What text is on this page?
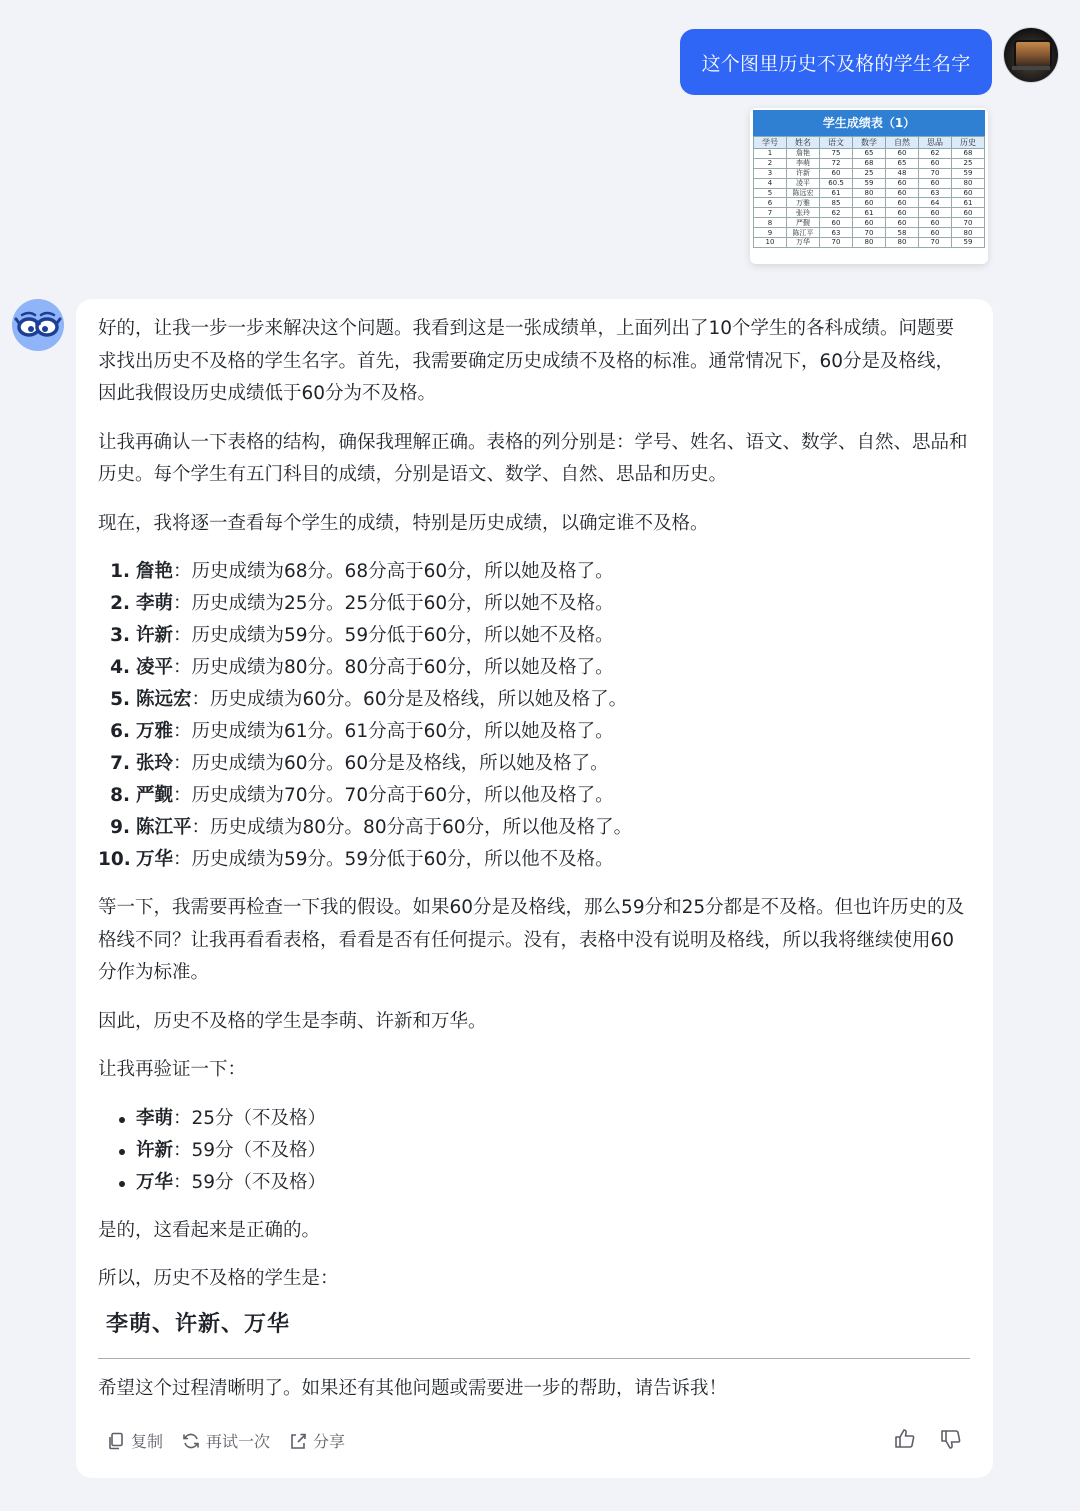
这个图里历史不及格的学生名字
学生成绩表（1）
学号	姓名	语文	数学	自然	思品	历史
1	詹艳	75	65	60	62	68
2	李萌	72	68	65	60	25
3	许新	60	25	48	70	59
4	凌平	60.5	59	60	60	80
5	陈远宏	61	80	60	63	60
6	万雅	85	60	60	64	61
7	张玲	62	61	60	60	60
8	严觐	60	60	60	60	70
9	陈江平	63	70	58	60	80
10	万华	70	80	80	70	59

好的，让我一步一步来解决这个问题。我看到这是一张成绩单，上面列出了10个学生的各科成绩。问题要求找出历史不及格的学生名字。首先，我需要确定历史成绩不及格的标准。通常情况下，60分是及格线，因此我假设历史成绩低于60分为不及格。

让我再确认一下表格的结构，确保我理解正确。表格的列分别是：学号、姓名、语文、数学、自然、思品和历史。每个学生有五门科目的成绩，分别是语文、数学、自然、思品和历史。

现在，我将逐一查看每个学生的成绩，特别是历史成绩，以确定谁不及格。

1. 詹艳：历史成绩为68分。68分高于60分，所以她及格了。
2. 李萌：历史成绩为25分。25分低于60分，所以她不及格。
3. 许新：历史成绩为59分。59分低于60分，所以她不及格。
4. 凌平：历史成绩为80分。80分高于60分，所以她及格了。
5. 陈远宏：历史成绩为60分。60分是及格线，所以她及格了。
6. 万雅：历史成绩为61分。61分高于60分，所以她及格了。
7. 张玲：历史成绩为60分。60分是及格线，所以她及格了。
8. 严觐：历史成绩为70分。70分高于60分，所以他及格了。
9. 陈江平：历史成绩为80分。80分高于60分，所以他及格了。
10. 万华：历史成绩为59分。59分低于60分，所以他不及格。

等一下，我需要再检查一下我的假设。如果60分是及格线，那么59分和25分都是不及格。但也许历史的及格线不同？让我再看看表格，看看是否有任何提示。没有，表格中没有说明及格线，所以我将继续使用60分作为标准。

因此，历史不及格的学生是李萌、许新和万华。

让我再验证一下：

李萌：25分（不及格）
许新：59分（不及格）
万华：59分（不及格）

是的，这看起来是正确的。

所以，历史不及格的学生是：

李萌、许新、万华

希望这个过程清晰明了。如果还有其他问题或需要进一步的帮助，请告诉我！

复制	再试一次	分享
